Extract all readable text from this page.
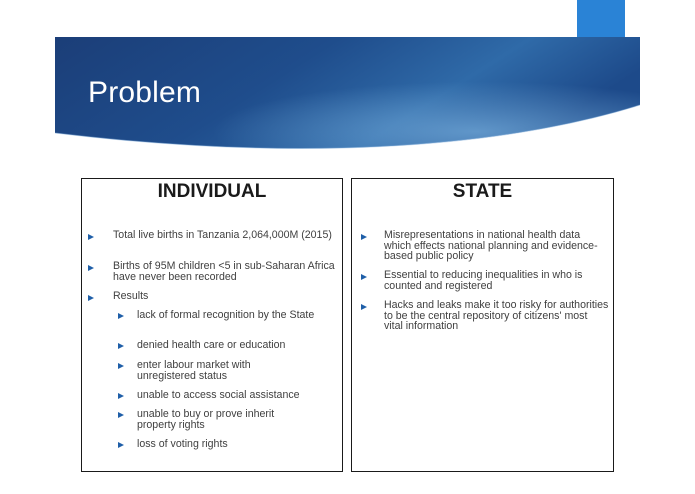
Problem
INDIVIDUAL
Total live births in Tanzania 2,064,000M (2015)
Births of 95M children <5 in sub-Saharan Africa have never been recorded
Results
lack of formal recognition by the State
denied health care or education
enter labour market with unregistered status
unable to access social assistance
unable to buy or prove inherit property rights
loss of voting rights
STATE
Misrepresentations in national health data which effects national planning and evidence-based public policy
Essential to reducing inequalities in who is counted and registered
Hacks and leaks make it too risky for authorities to be the central repository of citizens' most vital information
